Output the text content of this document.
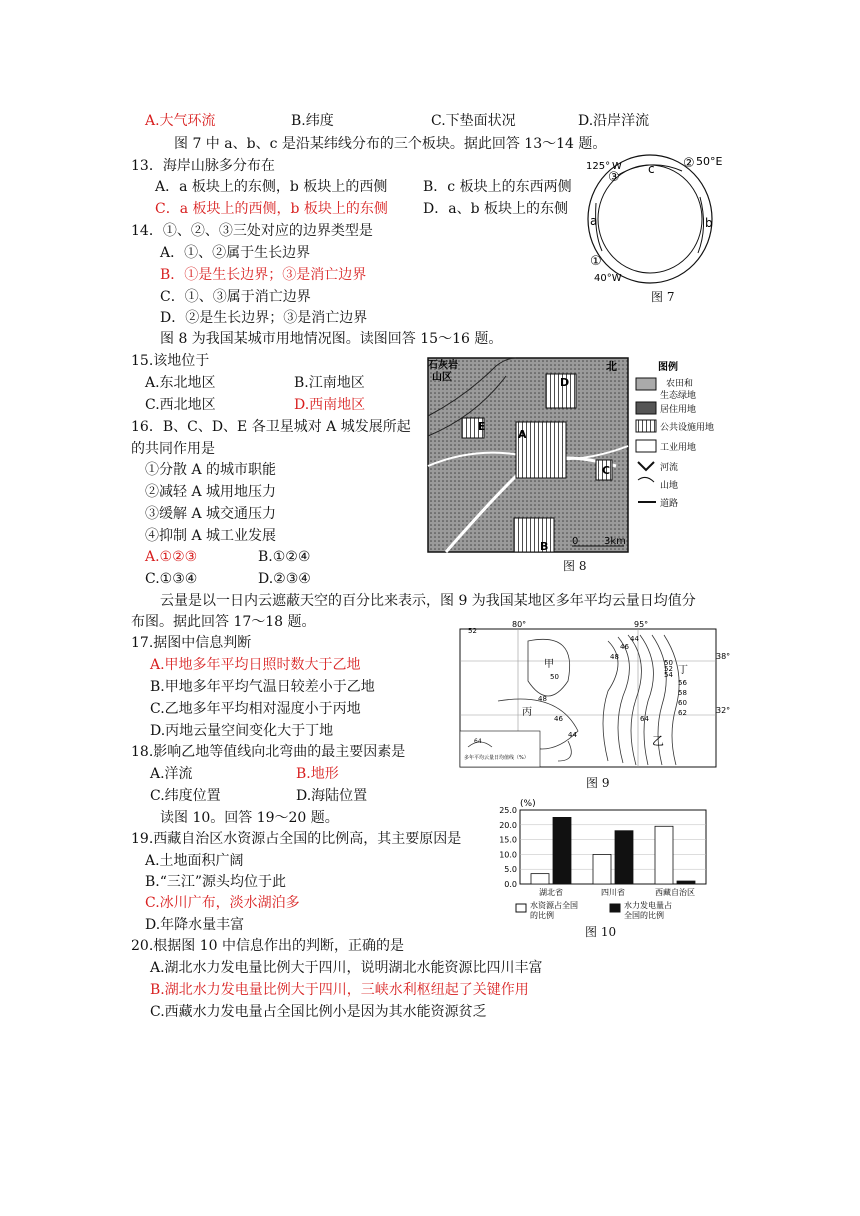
A.大气环流	B.纬度	C.下垫面状况	D.沿岸洋流
图 7 中 a、b、c 是沿某纬线分布的三个板块。据此回答 13～14 题。
13．海岸山脉多分布在
A．a 板块上的东侧，b 板块上的西侧	B．c 板块上的东西两侧
C．a 板块上的西侧，b 板块上的东侧	D．a、b 板块上的东侧
14．①、②、③三处对应的边界类型是
A．①、②属于生长边界
B．①是生长边界；③是消亡边界
C．①、③属于消亡边界
D．②是生长边界；③是消亡边界
125° W	50°E
②
③
①
40°W
a	b
c
图 7
图 8 为我国某城市用地情况图。读图回答 15～16 题。
15.该地位于
A.东北地区	B.江南地区
C.西北地区	D.西南地区
16．B、C、D、E 各卫星城对 A 城发展所起
的共同作用是
①分散 A 的城市职能
②减轻 A 城用地压力
③缓解 A 城交通压力
④抑制 A 城工业发展
A.①②③	B.①②④
C.①③④	D.②③④
石灰岩
山区
北
A
B
C
D
E
0	3km
图例
农田和
生态绿地
居住用地
公共设施用地
工业用地
河流
山地
道路
图 8
云量是以一日内云遮蔽天空的百分比来表示，图 9 为我国某地区多年平均云量日均值分
布图。据此回答 17～18 题。
17.据图中信息判断
A.甲地多年平均日照时数大于乙地
B.甲地多年平均气温日较差小于乙地
C.乙地多年平均相对湿度小于丙地
D.丙地云量空间变化大于丁地
18.影响乙地等值线向北弯曲的最主要因素是
A.洋流	B.地形
C.纬度位置	D.海陆位置
80°	95°
38°
32°
甲
乙
丙
丁
44
46
48
50
52
54
56
58
60
62
64
48
46
44
50
52
64
多年平均云量日均值线（%）
图 9
读图 10。回答 19～20 题。
19.西藏自治区水资源占全国的比例高，其主要原因是
A.土地面积广阔
B.“三江”源头均位于此
C.冰川广布，淡水湖泊多
D.年降水量丰富
(%)
25.0
20.0
15.0
10.0
5.0
0.0
湖北省	四川省	西藏自治区
水资源占全国
的比例
水力发电量占
全国的比例
图 10
20.根据图 10 中信息作出的判断，正确的是
A.湖北水力发电量比例大于四川，说明湖北水能资源比四川丰富
B.湖北水力发电量比例大于四川，三峡水利枢纽起了关键作用
C.西藏水力发电量占全国比例小是因为其水能资源贫乏
